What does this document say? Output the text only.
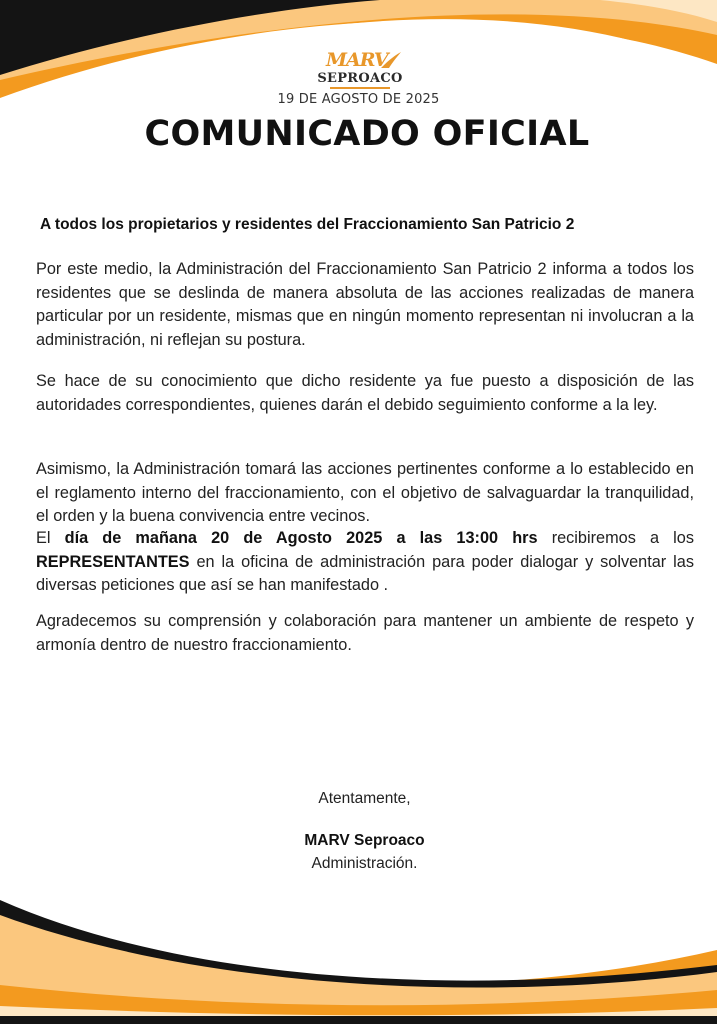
MARV
SEPROACO
19 DE AGOSTO DE 2025
COMUNICADO OFICIAL
A todos los propietarios y residentes del Fraccionamiento San Patricio 2

Por este medio, la Administración del Fraccionamiento San Patricio 2 informa a todos los residentes que se deslinda de manera absoluta de las acciones realizadas de manera particular por un residente, mismas que en ningún momento representan ni involucran a la administración, ni reflejan su postura.

Se hace de su conocimiento que dicho residente ya fue puesto a disposición de las autoridades correspondientes, quienes darán el debido seguimiento conforme a la ley.

Asimismo, la Administración tomará las acciones pertinentes conforme a lo establecido en el reglamento interno del fraccionamiento, con el objetivo de salvaguardar la tranquilidad, el orden y la buena convivencia entre vecinos.

El día de mañana 20 de Agosto 2025 a las 13:00 hrs recibiremos a los REPRESENTANTES en la oficina de administración para poder dialogar y solventar las diversas peticiones que así se han manifestado .

Agradecemos su comprensión y colaboración para mantener un ambiente de respeto y armonía dentro de nuestro fraccionamiento.

Atentamente,
MARV Seproaco
Administración.
